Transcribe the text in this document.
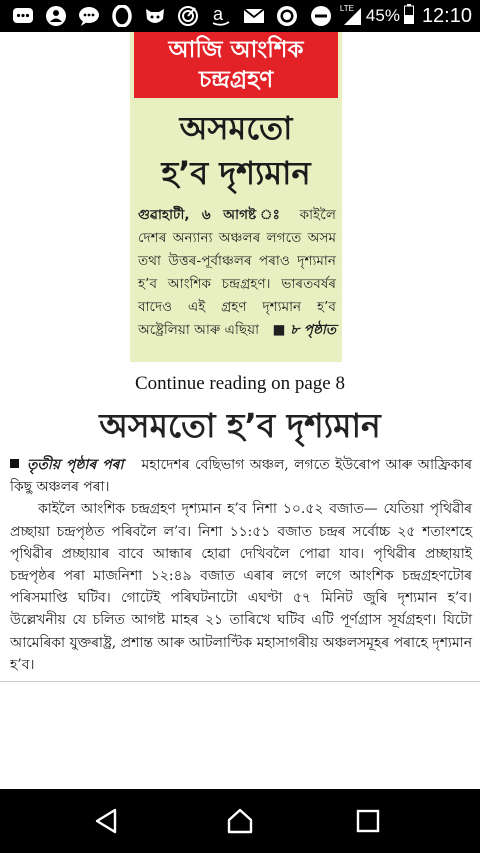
a	LTE 45% 12:10
আজি আংশিক
চন্দ্ৰগ্ৰহণ
অসমতো
হ’ব দৃশ্যমান
গুৱাহাটী, ৬ আগষ্ট ঃ কাইলৈ দেশৰ অন্যান্য অঞ্চলৰ লগতে অসম তথা উত্তৰ-পূৰ্বাঞ্চলৰ পৰাও দৃশ্যমান হ’ব আংশিক চন্দ্ৰগ্ৰহণ। ভাৰতবৰ্ষৰ বাদেও এই গ্ৰহণ দৃশ্যমান হ’ব অষ্ট্ৰেলিয়া আৰু এছিয়া ■ ৮ পৃষ্ঠাত
Continue reading on page 8
অসমতো হ’ব দৃশ্যমান

তৃতীয় পৃষ্ঠাৰ পৰা মহাদেশৰ বেছিভাগ অঞ্চল, লগতে ইউৰোপ আৰু আফ্ৰিকাৰ কিছু অঞ্চলৰ পৰা।

কাইলৈ আংশিক চন্দ্ৰগ্ৰহণ দৃশ্যমান হ’ব নিশা ১০.৫২ বজাত— যেতিয়া পৃথিৱীৰ প্ৰচ্ছায়া চন্দ্ৰপৃষ্ঠত পৰিবলৈ ল’ব। নিশা ১১:৫১ বজাত চন্দ্ৰৰ সৰ্বোচ্চ ২৫ শতাংশহে পৃথিৱীৰ প্ৰচ্ছায়াৰ বাবে আন্ধাৰ হোৱা দেখিবলৈ পোৱা যাব। পৃথিৱীৰ প্ৰচ্ছায়াই চন্দ্ৰপৃষ্ঠৰ পৰা মাজনিশা ১২:৪৯ বজাত এৰাৰ লগে লগে আংশিক চন্দ্ৰগ্ৰহণটোৰ পৰিসমাপ্তি ঘটিব। গোটেই পৰিঘটনাটো এঘণ্টা ৫৭ মিনিট জুৰি দৃশ্যমান হ’ব। উল্লেখনীয় যে চলিত আগষ্ট মাহৰ ২১ তাৰিখে ঘটিব এটি পূৰ্ণগ্ৰাস সূৰ্যগ্ৰহণ। যিটো আমেৰিকা যুক্তৰাষ্ট্ৰ, প্ৰশান্ত আৰু আটলাণ্টিক মহাসাগৰীয় অঞ্চলসমূহৰ পৰাহে দৃশ্যমান হ’ব।
